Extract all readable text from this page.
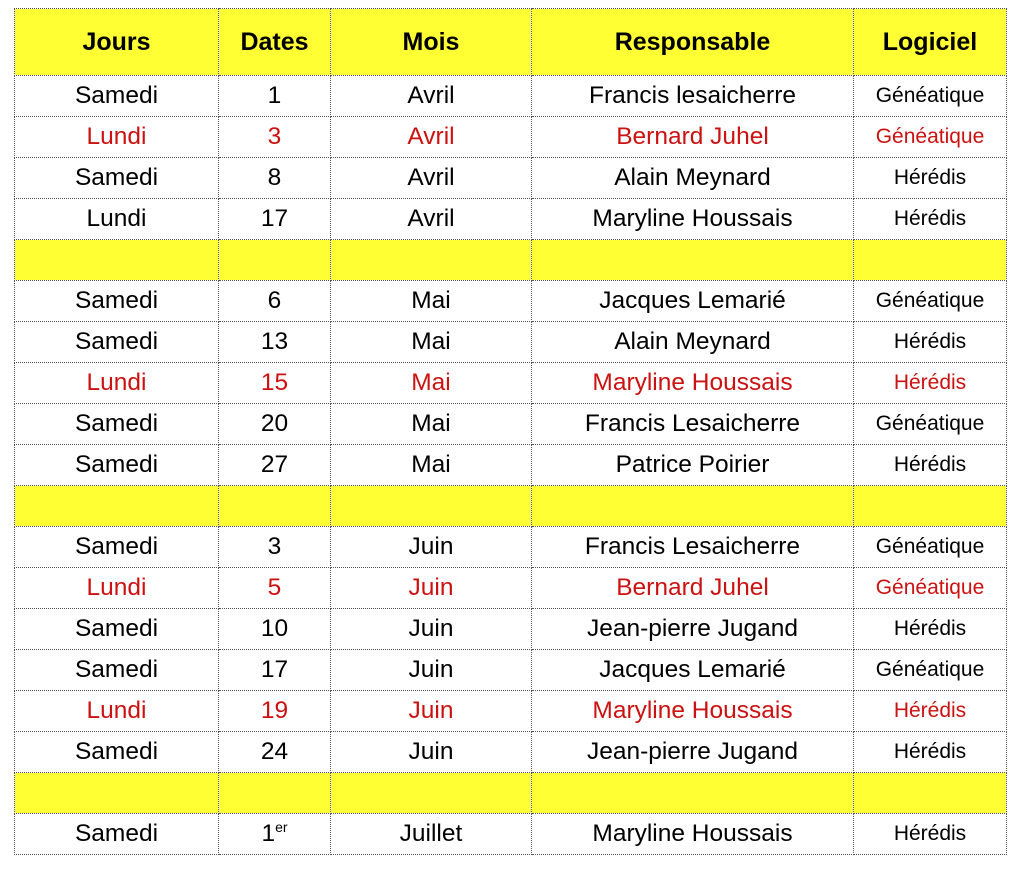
Jours	Dates	Mois	Responsable	Logiciel
Samedi	1	Avril	Francis lesaicherre	Généatique
Lundi	3	Avril	Bernard Juhel	Généatique
Samedi	8	Avril	Alain Meynard	Hérédis
Lundi	17	Avril	Maryline Houssais	Hérédis

Samedi	6	Mai	Jacques Lemarié	Généatique
Samedi	13	Mai	Alain Meynard	Hérédis
Lundi	15	Mai	Maryline Houssais	Hérédis
Samedi	20	Mai	Francis Lesaicherre	Généatique
Samedi	27	Mai	Patrice Poirier	Hérédis

Samedi	3	Juin	Francis Lesaicherre	Généatique
Lundi	5	Juin	Bernard Juhel	Généatique
Samedi	10	Juin	Jean-pierre Jugand	Hérédis
Samedi	17	Juin	Jacques Lemarié	Généatique
Lundi	19	Juin	Maryline Houssais	Hérédis
Samedi	24	Juin	Jean-pierre Jugand	Hérédis

Samedi	1er	Juillet	Maryline Houssais	Hérédis
